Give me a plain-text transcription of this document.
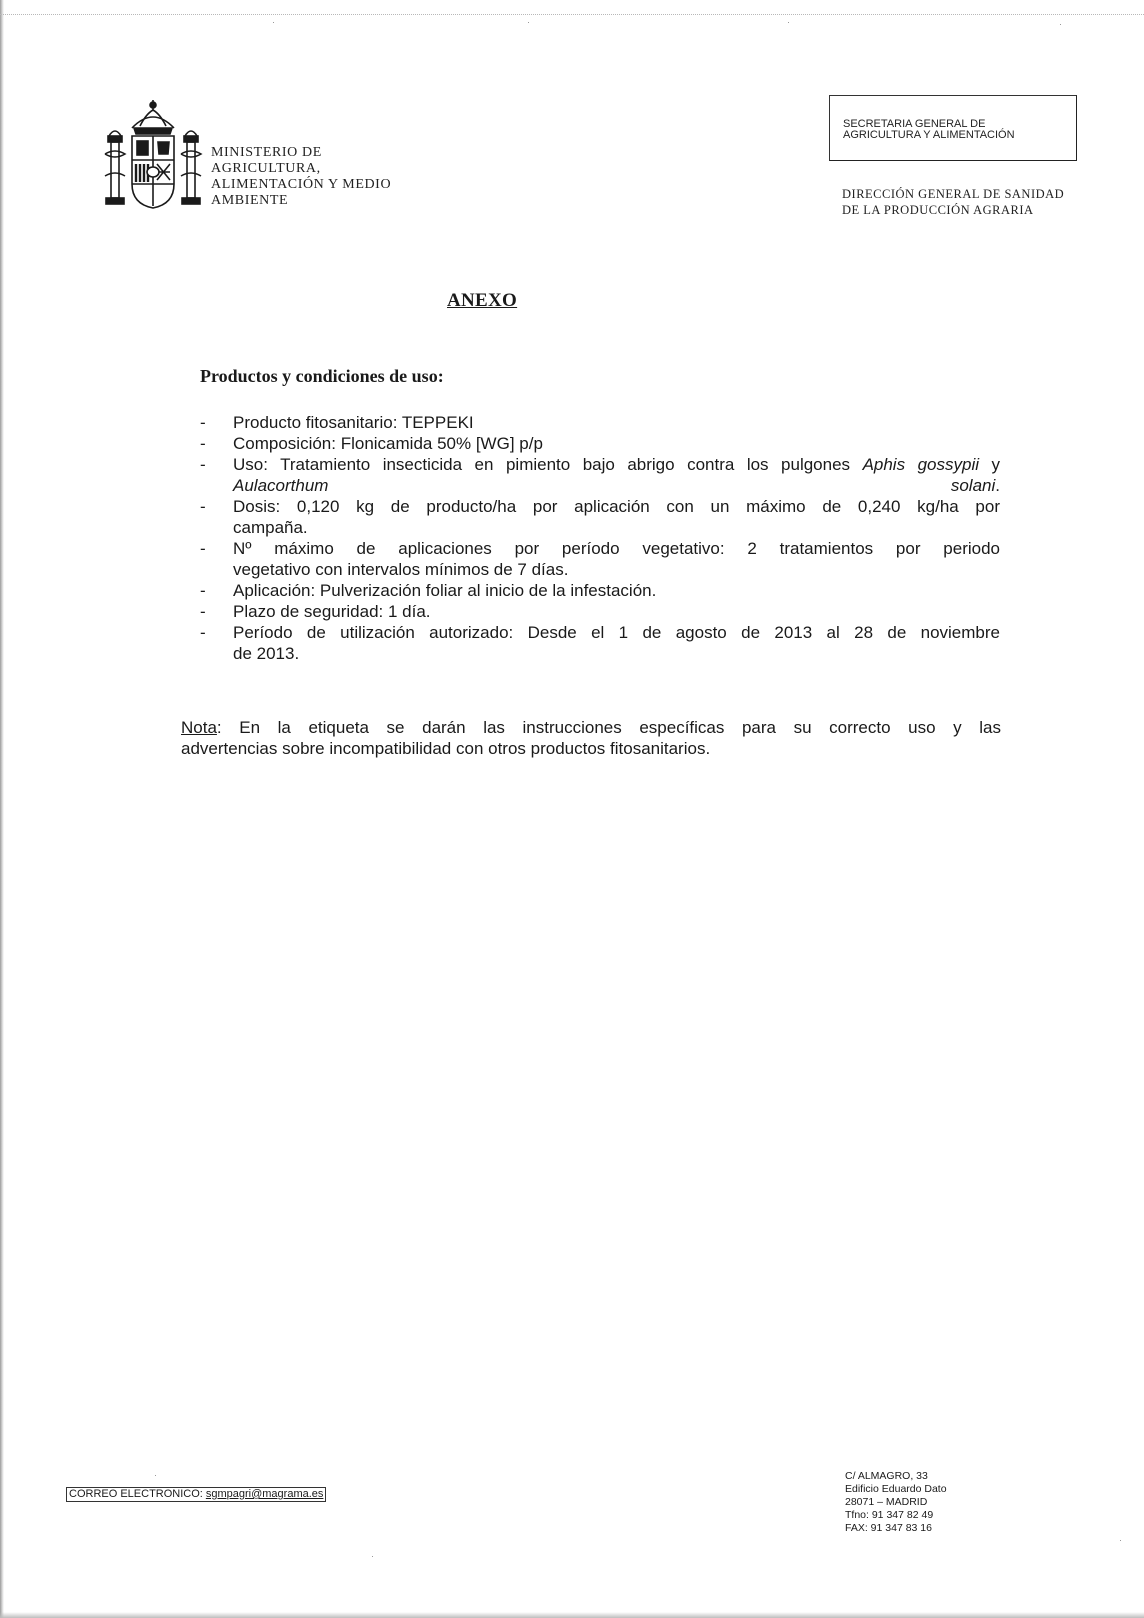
MINISTERIO DE
AGRICULTURA,
ALIMENTACIÓN Y MEDIO
AMBIENTE
SECRETARIA GENERAL DE
AGRICULTURA Y ALIMENTACIÓN
DIRECCIÓN GENERAL DE SANIDAD
DE LA PRODUCCIÓN AGRARIA
ANEXO
Productos y condiciones de uso:
- Producto fitosanitario: TEPPEKI
- Composición: Flonicamida 50% [WG] p/p
- Uso: Tratamiento insecticida en pimiento bajo abrigo contra los pulgones Aphis gossypii y Aulacorthum solani.
- Dosis: 0,120 kg de producto/ha por aplicación con un máximo de 0,240 kg/ha por
campaña.
- Nº máximo de aplicaciones por período vegetativo: 2 tratamientos por periodo
vegetativo con intervalos mínimos de 7 días.
- Aplicación: Pulverización foliar al inicio de la infestación.
- Plazo de seguridad: 1 día.
- Período de utilización autorizado: Desde el 1 de agosto de 2013 al 28 de noviembre
de 2013.
Nota: En la etiqueta se darán las instrucciones específicas para su correcto uso y las
advertencias sobre incompatibilidad con otros productos fitosanitarios.
CORREO ELECTRONICO: sgmpagri@magrama.es
C/ ALMAGRO, 33
Edificio Eduardo Dato
28071 – MADRID
Tfno: 91 347 82 49
FAX: 91 347 83 16
